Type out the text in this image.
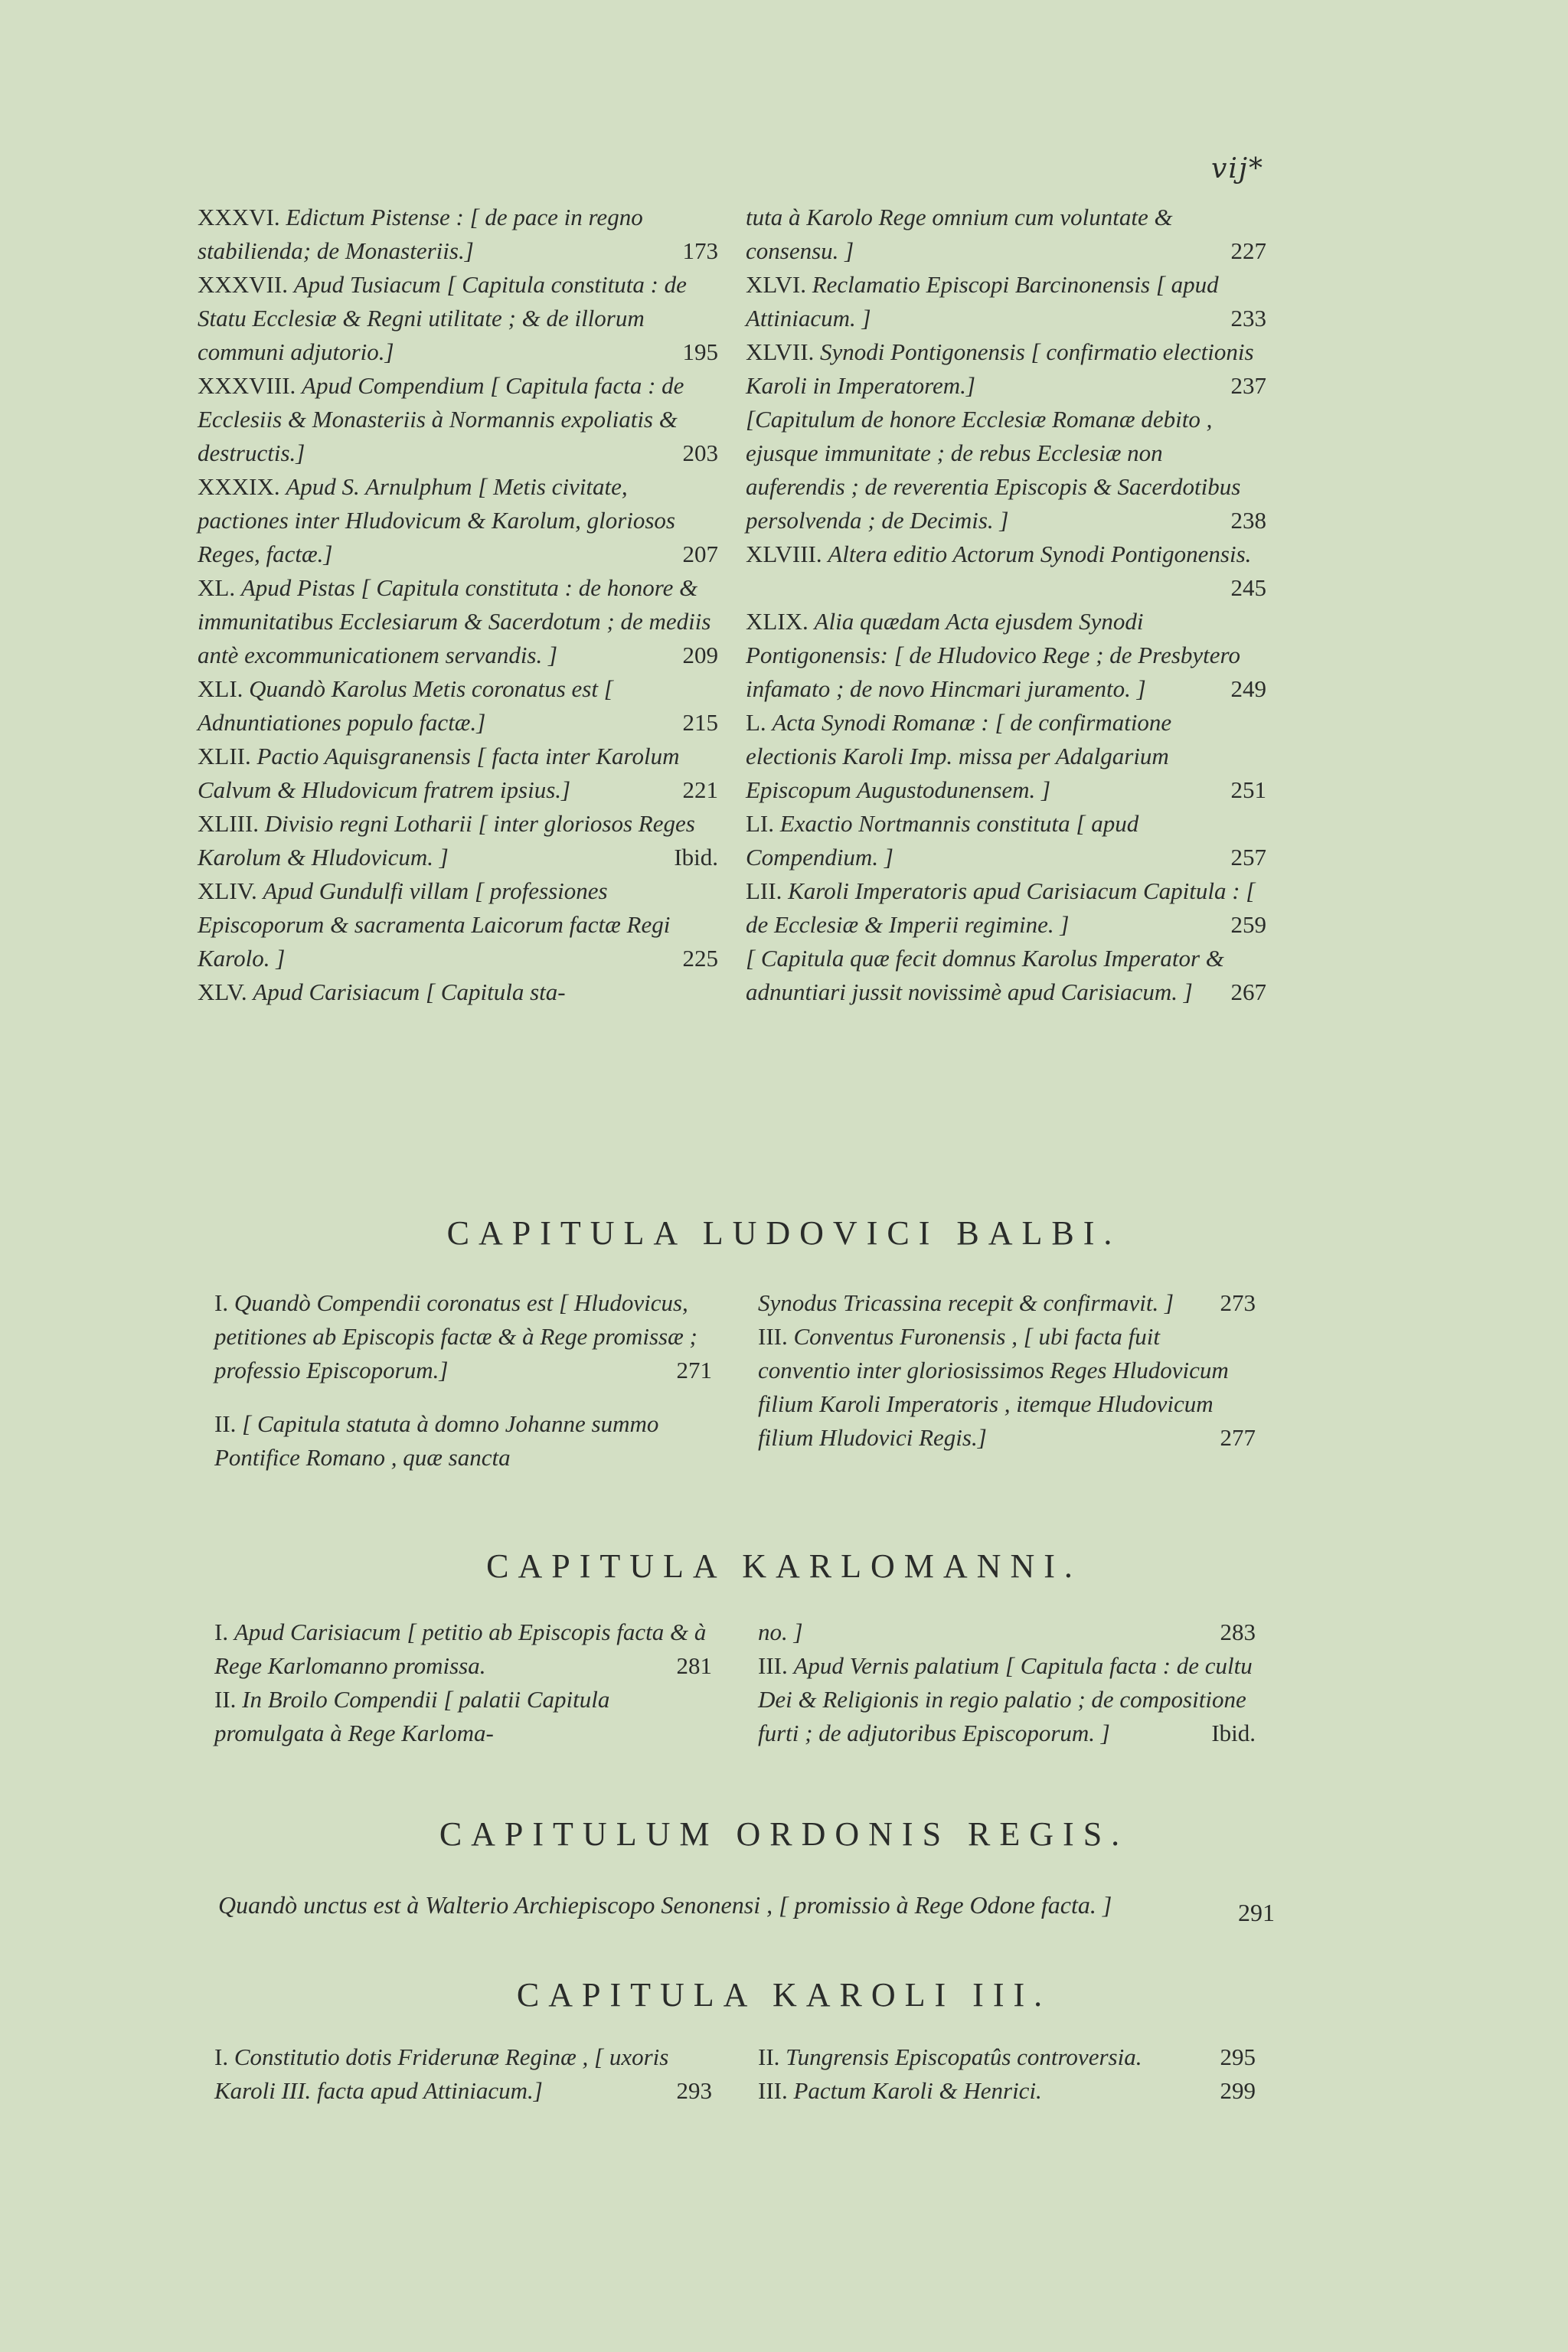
vij*

XXXVI. Edictum Pistense : [ de pace in regno stabilienda; de Monasteriis.]	173

XXXVII. Apud Tusiacum [ Capitula constituta : de Statu Ecclesiæ & Regni utilitate ; & de illorum communi adjutorio.]	195

XXXVIII. Apud Compendium [ Capitula facta : de Ecclesiis & Monasteriis à Normannis expoliatis & destructis.]	203

XXXIX. Apud S. Arnulphum [ Metis civitate, pactiones inter Hludovicum & Karolum, gloriosos Reges, factæ.]	207

XL. Apud Pistas [ Capitula constituta : de honore & immunitatibus Ecclesiarum & Sacerdotum ; de mediis antè excommunicationem servandis. ]	209

XLI. Quandò Karolus Metis coronatus est [ Adnuntiationes populo factæ.]	215

XLII. Pactio Aquisgranensis [ facta inter Karolum Calvum & Hludovicum fratrem ipsius.]	221

XLIII. Divisio regni Lotharii [ inter gloriosos Reges Karolum & Hludovicum. ]	Ibid.

XLIV. Apud Gundulfi villam [ professiones Episcoporum & sacramenta Laicorum factæ Regi Karolo. ]	225

XLV. Apud Carisiacum [ Capitula sta-

tuta à Karolo Rege omnium cum voluntate & consensu. ]	227

XLVI. Reclamatio Episcopi Barcinonensis [ apud Attiniacum. ]	233

XLVII. Synodi Pontigonensis [ confirmatio electionis Karoli in Imperatorem.]	237

[Capitulum de honore Ecclesiæ Romanæ debito , ejusque immunitate ; de rebus Ecclesiæ non auferendis ; de reverentia Episcopis & Sacerdotibus persolvenda ; de Decimis. ]	238

XLVIII. Altera editio Actorum Synodi Pontigonensis.
245

XLIX. Alia quædam Acta ejusdem Synodi Pontigonensis: [ de Hludovico Rege ; de Presbytero infamato ; de novo Hincmari juramento. ]	249

L. Acta Synodi Romanæ : [ de confirmatione electionis Karoli Imp. missa per Adalgarium Episcopum Augustodunensem. ]	251

LI. Exactio Nortmannis constituta [ apud Compendium. ]	257

LII. Karoli Imperatoris apud Carisiacum Capitula : [ de Ecclesiæ & Imperii regimine. ]	259

[ Capitula quæ fecit domnus Karolus Imperator & adnuntiari jussit novissimè apud Carisiacum. ] 267

CAPITULA LUDOVICI BALBI.

I. Quandò Compendii coronatus est [ Hludovicus, petitiones ab Episcopis factæ & à Rege promissæ ; professio Episcoporum.]	271

II. [ Capitula statuta à domno Johanne summo Pontifice Romano , quæ sancta

Synodus Tricassina recepit & confirmavit. ] 273

III. Conventus Furonensis , [ ubi facta fuit conventio inter gloriosissimos Reges Hludovicum filium Karoli Imperatoris , itemque Hludovicum filium Hludovici Regis.]	277

CAPITULA KARLOMANNI.

I. Apud Carisiacum [ petitio ab Episcopis facta & à Rege Karlomanno promissa.	281

II. In Broilo Compendii [ palatii Capitula promulgata à Rege Karloma-

no. ]	283

III. Apud Vernis palatium [ Capitula facta : de cultu Dei & Religionis in regio palatio ; de compositione furti ; de adjutoribus Episcoporum. ]	Ibid.

CAPITULUM ORDONIS REGIS.
Quandò unctus est à Walterio Archiepiscopo Senonensi , [ promissio à Rege Odone facta. ]	291
CAPITULA KAROLI III.

I. Constitutio dotis Friderunæ Reginæ , [ uxoris Karoli III. facta apud Attiniacum.]	293

II. Tungrensis Episcopatûs controversia.	295

III. Pactum Karoli & Henrici.	299
